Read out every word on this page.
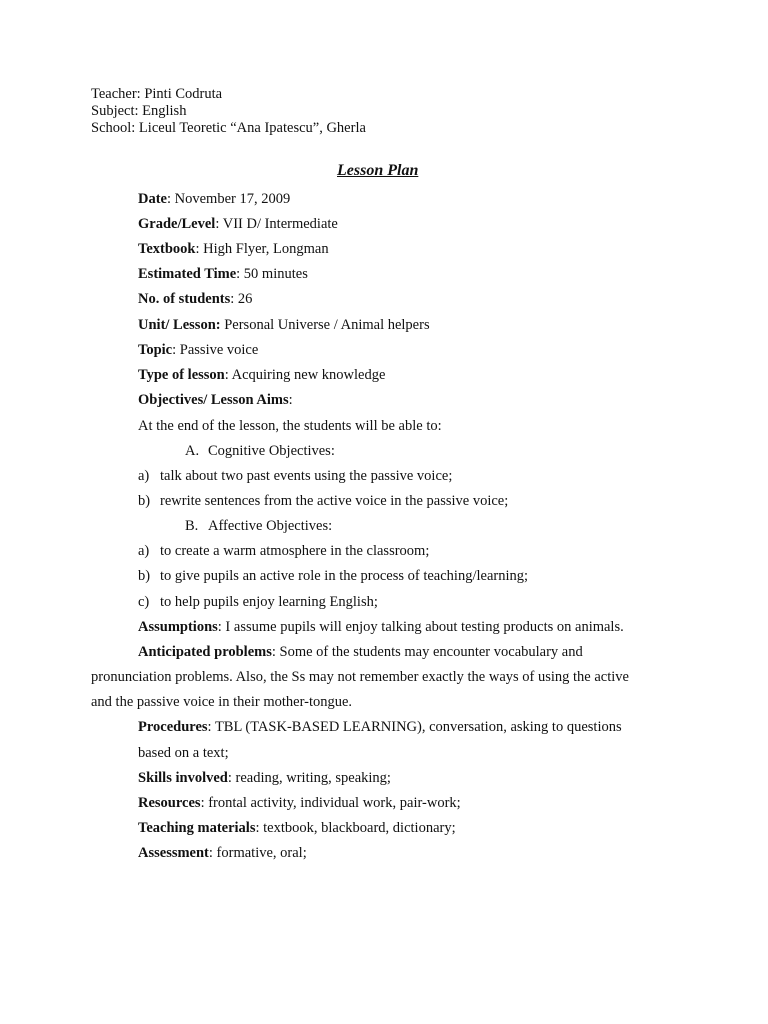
Teacher: Pinti Codruta
Subject: English
School: Liceul Teoretic “Ana Ipatescu”, Gherla
Lesson Plan
Date: November 17, 2009
Grade/Level: VII D/ Intermediate
Textbook: High Flyer, Longman
Estimated Time: 50 minutes
No. of students: 26
Unit/ Lesson: Personal Universe / Animal helpers
Topic: Passive voice
Type of lesson: Acquiring new knowledge
Objectives/ Lesson Aims:
At the end of the lesson, the students will be able to:
A. Cognitive Objectives:
a) talk about two past events using the passive voice;
b) rewrite sentences from the active voice in the passive voice;
B. Affective Objectives:
a) to create a warm atmosphere in the classroom;
b) to give pupils an active role in the process of teaching/learning;
c) to help pupils enjoy learning English;
Assumptions: I assume pupils will enjoy talking about testing products on animals.
Anticipated problems: Some of the students may encounter vocabulary and
pronunciation problems. Also, the Ss may not remember exactly the ways of using the active
and the passive voice in their mother-tongue.
Procedures: TBL (TASK-BASED LEARNING), conversation, asking to questions
based on a text;
Skills involved: reading, writing, speaking;
Resources: frontal activity, individual work, pair-work;
Teaching materials: textbook, blackboard, dictionary;
Assessment: formative, oral;
